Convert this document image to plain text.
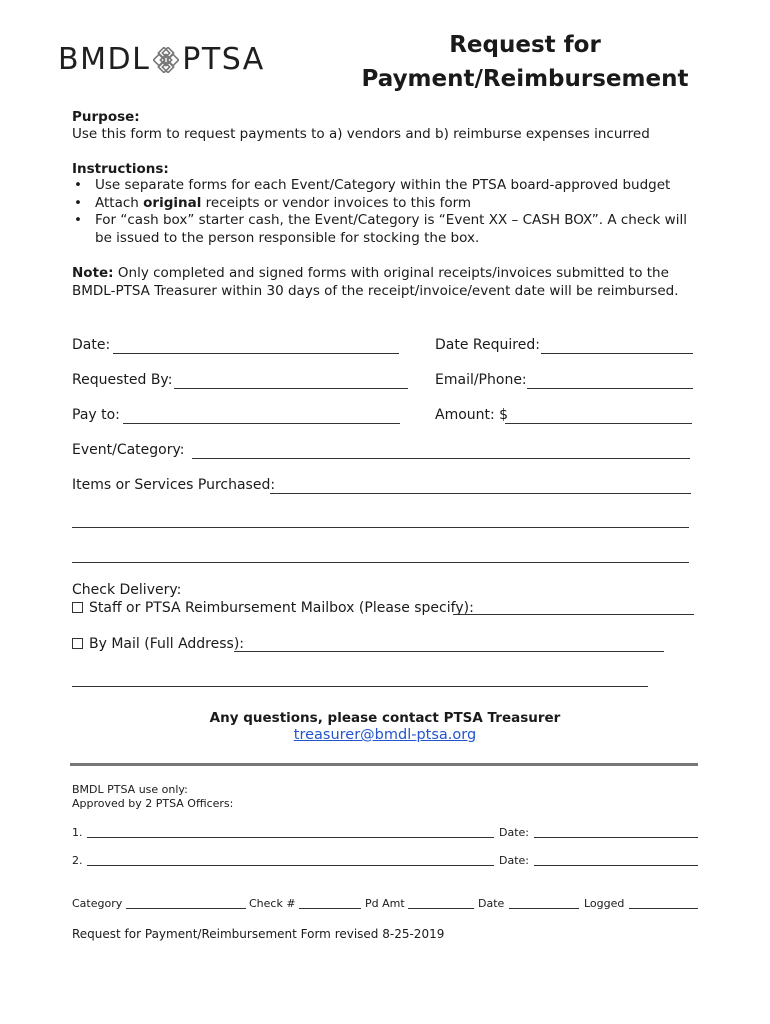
BMDL PTSA	Request for
Payment/Reimbursement
Purpose:
Use this form to request payments to a) vendors and b) reimburse expenses incurred
Instructions:
• Use separate forms for each Event/Category within the PTSA board-approved budget
• Attach original receipts or vendor invoices to this form
• For “cash box” starter cash, the Event/Category is “Event XX – CASH BOX”. A check will be issued to the person responsible for stocking the box.
Note: Only completed and signed forms with original receipts/invoices submitted to the
BMDL-PTSA Treasurer within 30 days of the receipt/invoice/event date will be reimbursed.
Date:	Date Required:
Requested By:	Email/Phone:
Pay to:	Amount: $
Event/Category:
Items or Services Purchased:
Check Delivery:
Staff or PTSA Reimbursement Mailbox (Please specify):
By Mail (Full Address):
Any questions, please contact PTSA Treasurer
treasurer@bmdl-ptsa.org
BMDL PTSA use only:
Approved by 2 PTSA Officers:
1.	Date:
2.	Date:
Category	Check #	Pd Amt	Date	Logged
Request for Payment/Reimbursement Form revised 8-25-2019
